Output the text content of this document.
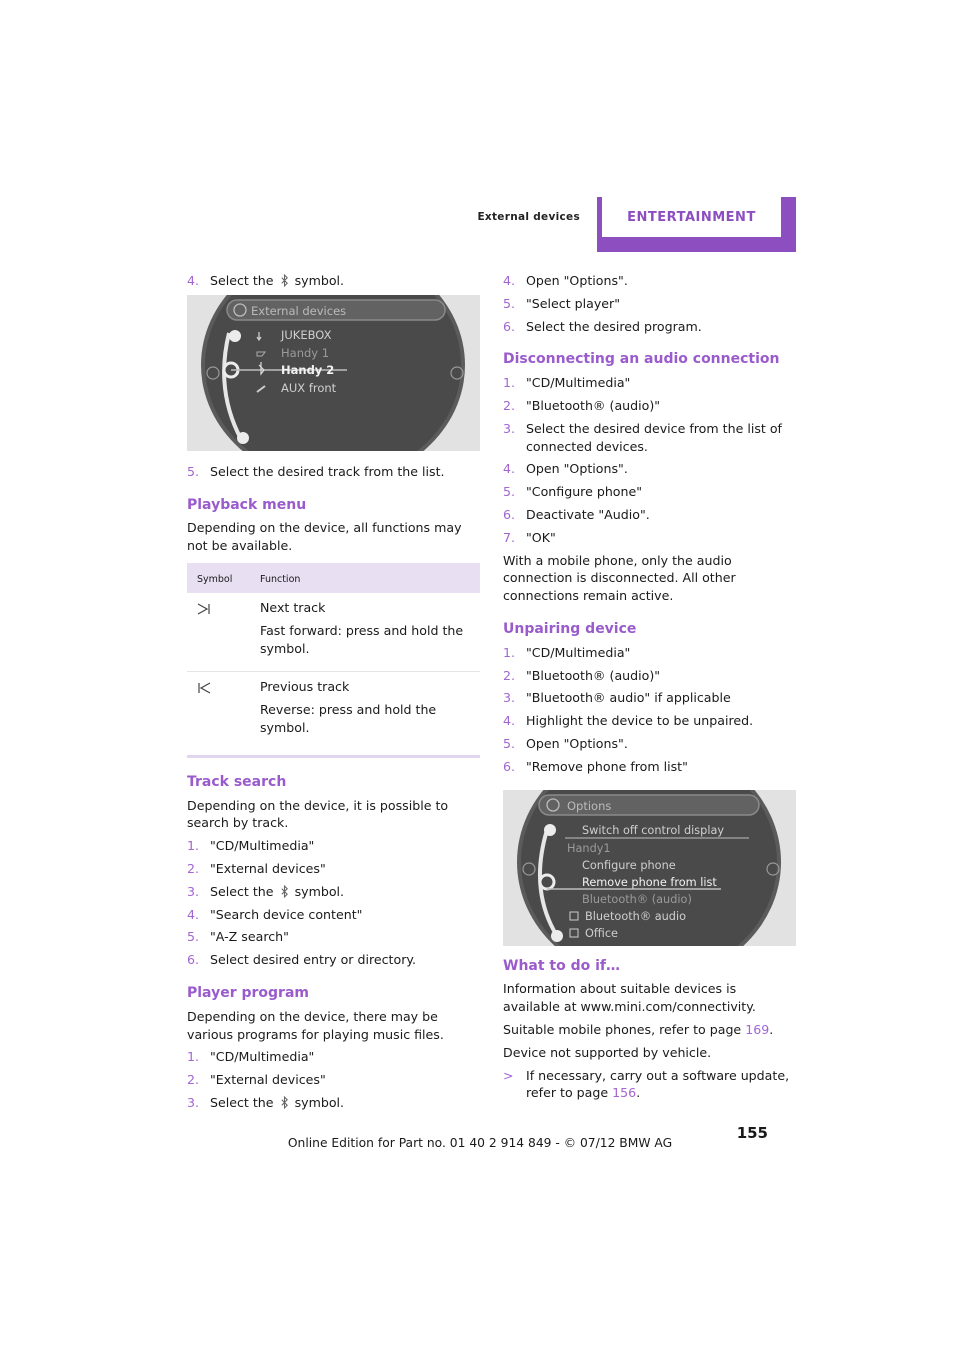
External devices	ENTERTAINMENT
4. Select the symbol.
External devices
JUKEBOX
Handy 1
Handy 2
AUX front
5. Select the desired track from the list.
Playback menu

Depending on the device, all functions may not be available.

Symbol	Function

Next track

Fast forward: press and hold the symbol.

Previous track

Reverse: press and hold the symbol.

Track search

Depending on the device, it is possible to search by track.

1. "CD/Multimedia"
2. "External devices"
3. Select the symbol.
4. "Search device content"
5. "A-Z search"
6. Select desired entry or directory.
Player program

Depending on the device, there may be various programs for playing music files.

1. "CD/Multimedia"
2. "External devices"
3. Select the symbol.
4. Open "Options".
5. "Select player"
6. Select the desired program.
Disconnecting an audio connection
1. "CD/Multimedia"
2. "Bluetooth® (audio)"
3. Select the desired device from the list of connected devices.
4. Open "Options".
5. "Configure phone"
6. Deactivate "Audio".
7. "OK"

With a mobile phone, only the audio connection is disconnected. All other connections remain active.

Unpairing device
1. "CD/Multimedia"
2. "Bluetooth® (audio)"
3. "Bluetooth® audio" if applicable
4. Highlight the device to be unpaired.
5. Open "Options".
6. "Remove phone from list"
Options
Switch off control display
Handy1
Configure phone
Remove phone from list
Bluetooth® (audio)
Bluetooth® audio
Office
What to do if…

Information about suitable devices is available at www.mini.com/connectivity.

Suitable mobile phones, refer to page 169.

Device not supported by vehicle.

> If necessary, carry out a software update, refer to page 156.
155
Online Edition for Part no. 01 40 2 914 849 - © 07/12 BMW AG
